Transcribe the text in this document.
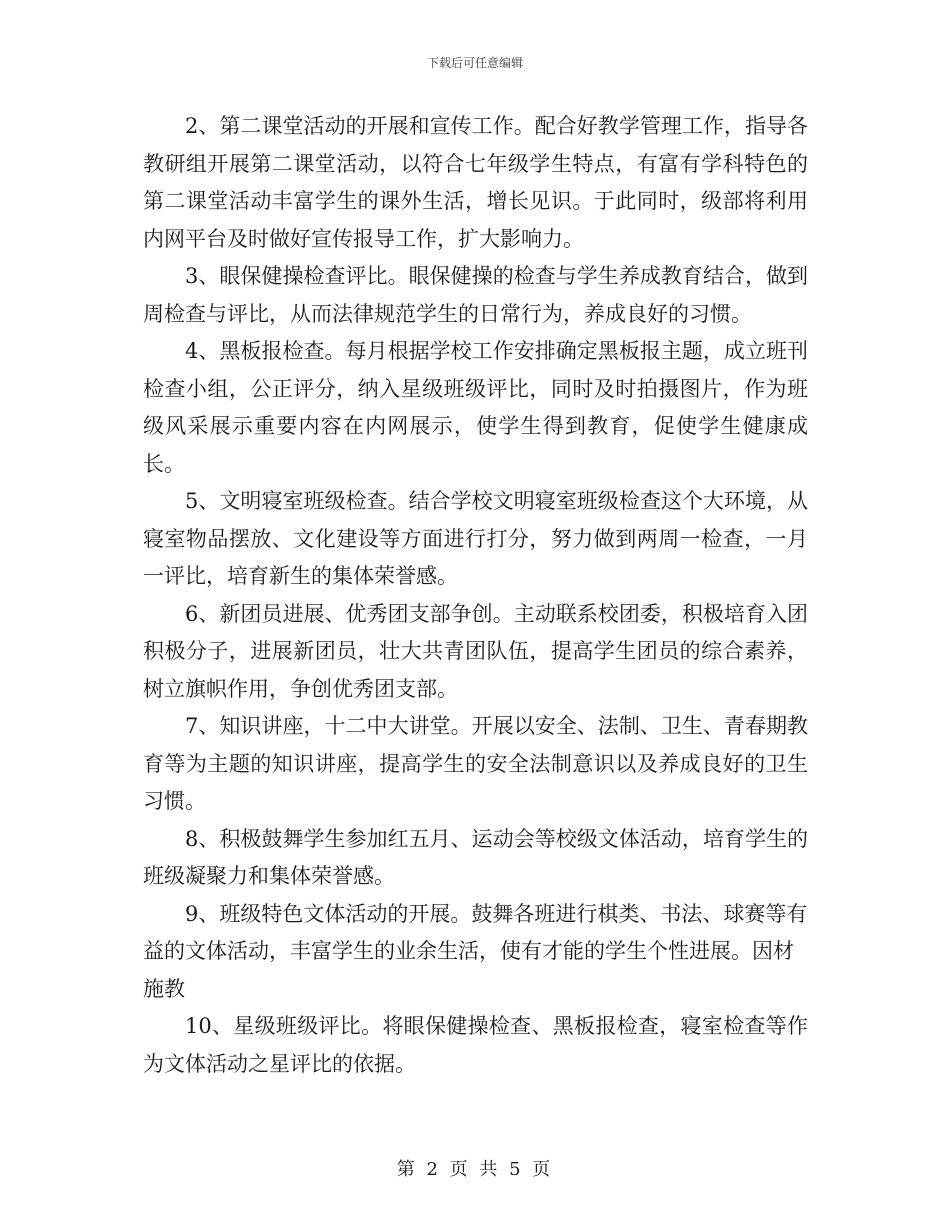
下载后可任意编辑

2、第二课堂活动的开展和宣传工作。配合好教学管理工作，指导各教研组开展第二课堂活动，以符合七年级学生特点，有富有学科特色的第二课堂活动丰富学生的课外生活，增长见识。于此同时，级部将利用内网平台及时做好宣传报导工作，扩大影响力。

3、眼保健操检查评比。眼保健操的检查与学生养成教育结合，做到周检查与评比，从而法律规范学生的日常行为，养成良好的习惯。

4、黑板报检查。每月根据学校工作安排确定黑板报主题，成立班刊检查小组，公正评分，纳入星级班级评比，同时及时拍摄图片，作为班级风采展示重要内容在内网展示，使学生得到教育，促使学生健康成长。

5、文明寝室班级检查。结合学校文明寝室班级检查这个大环境，从寝室物品摆放、文化建设等方面进行打分，努力做到两周一检查，一月一评比，培育新生的集体荣誉感。

6、新团员进展、优秀团支部争创。主动联系校团委，积极培育入团积极分子，进展新团员，壮大共青团队伍，提高学生团员的综合素养，树立旗帜作用，争创优秀团支部。

7、知识讲座，十二中大讲堂。开展以安全、法制、卫生、青春期教育等为主题的知识讲座，提高学生的安全法制意识以及养成良好的卫生习惯。

8、积极鼓舞学生参加红五月、运动会等校级文体活动，培育学生的班级凝聚力和集体荣誉感。

9、班级特色文体活动的开展。鼓舞各班进行棋类、书法、球赛等有益的文体活动，丰富学生的业余生活，使有才能的学生个性进展。因材施教

10、星级班级评比。将眼保健操检查、黑板报检查，寝室检查等作为文体活动之星评比的依据。

第 2 页 共 5 页
